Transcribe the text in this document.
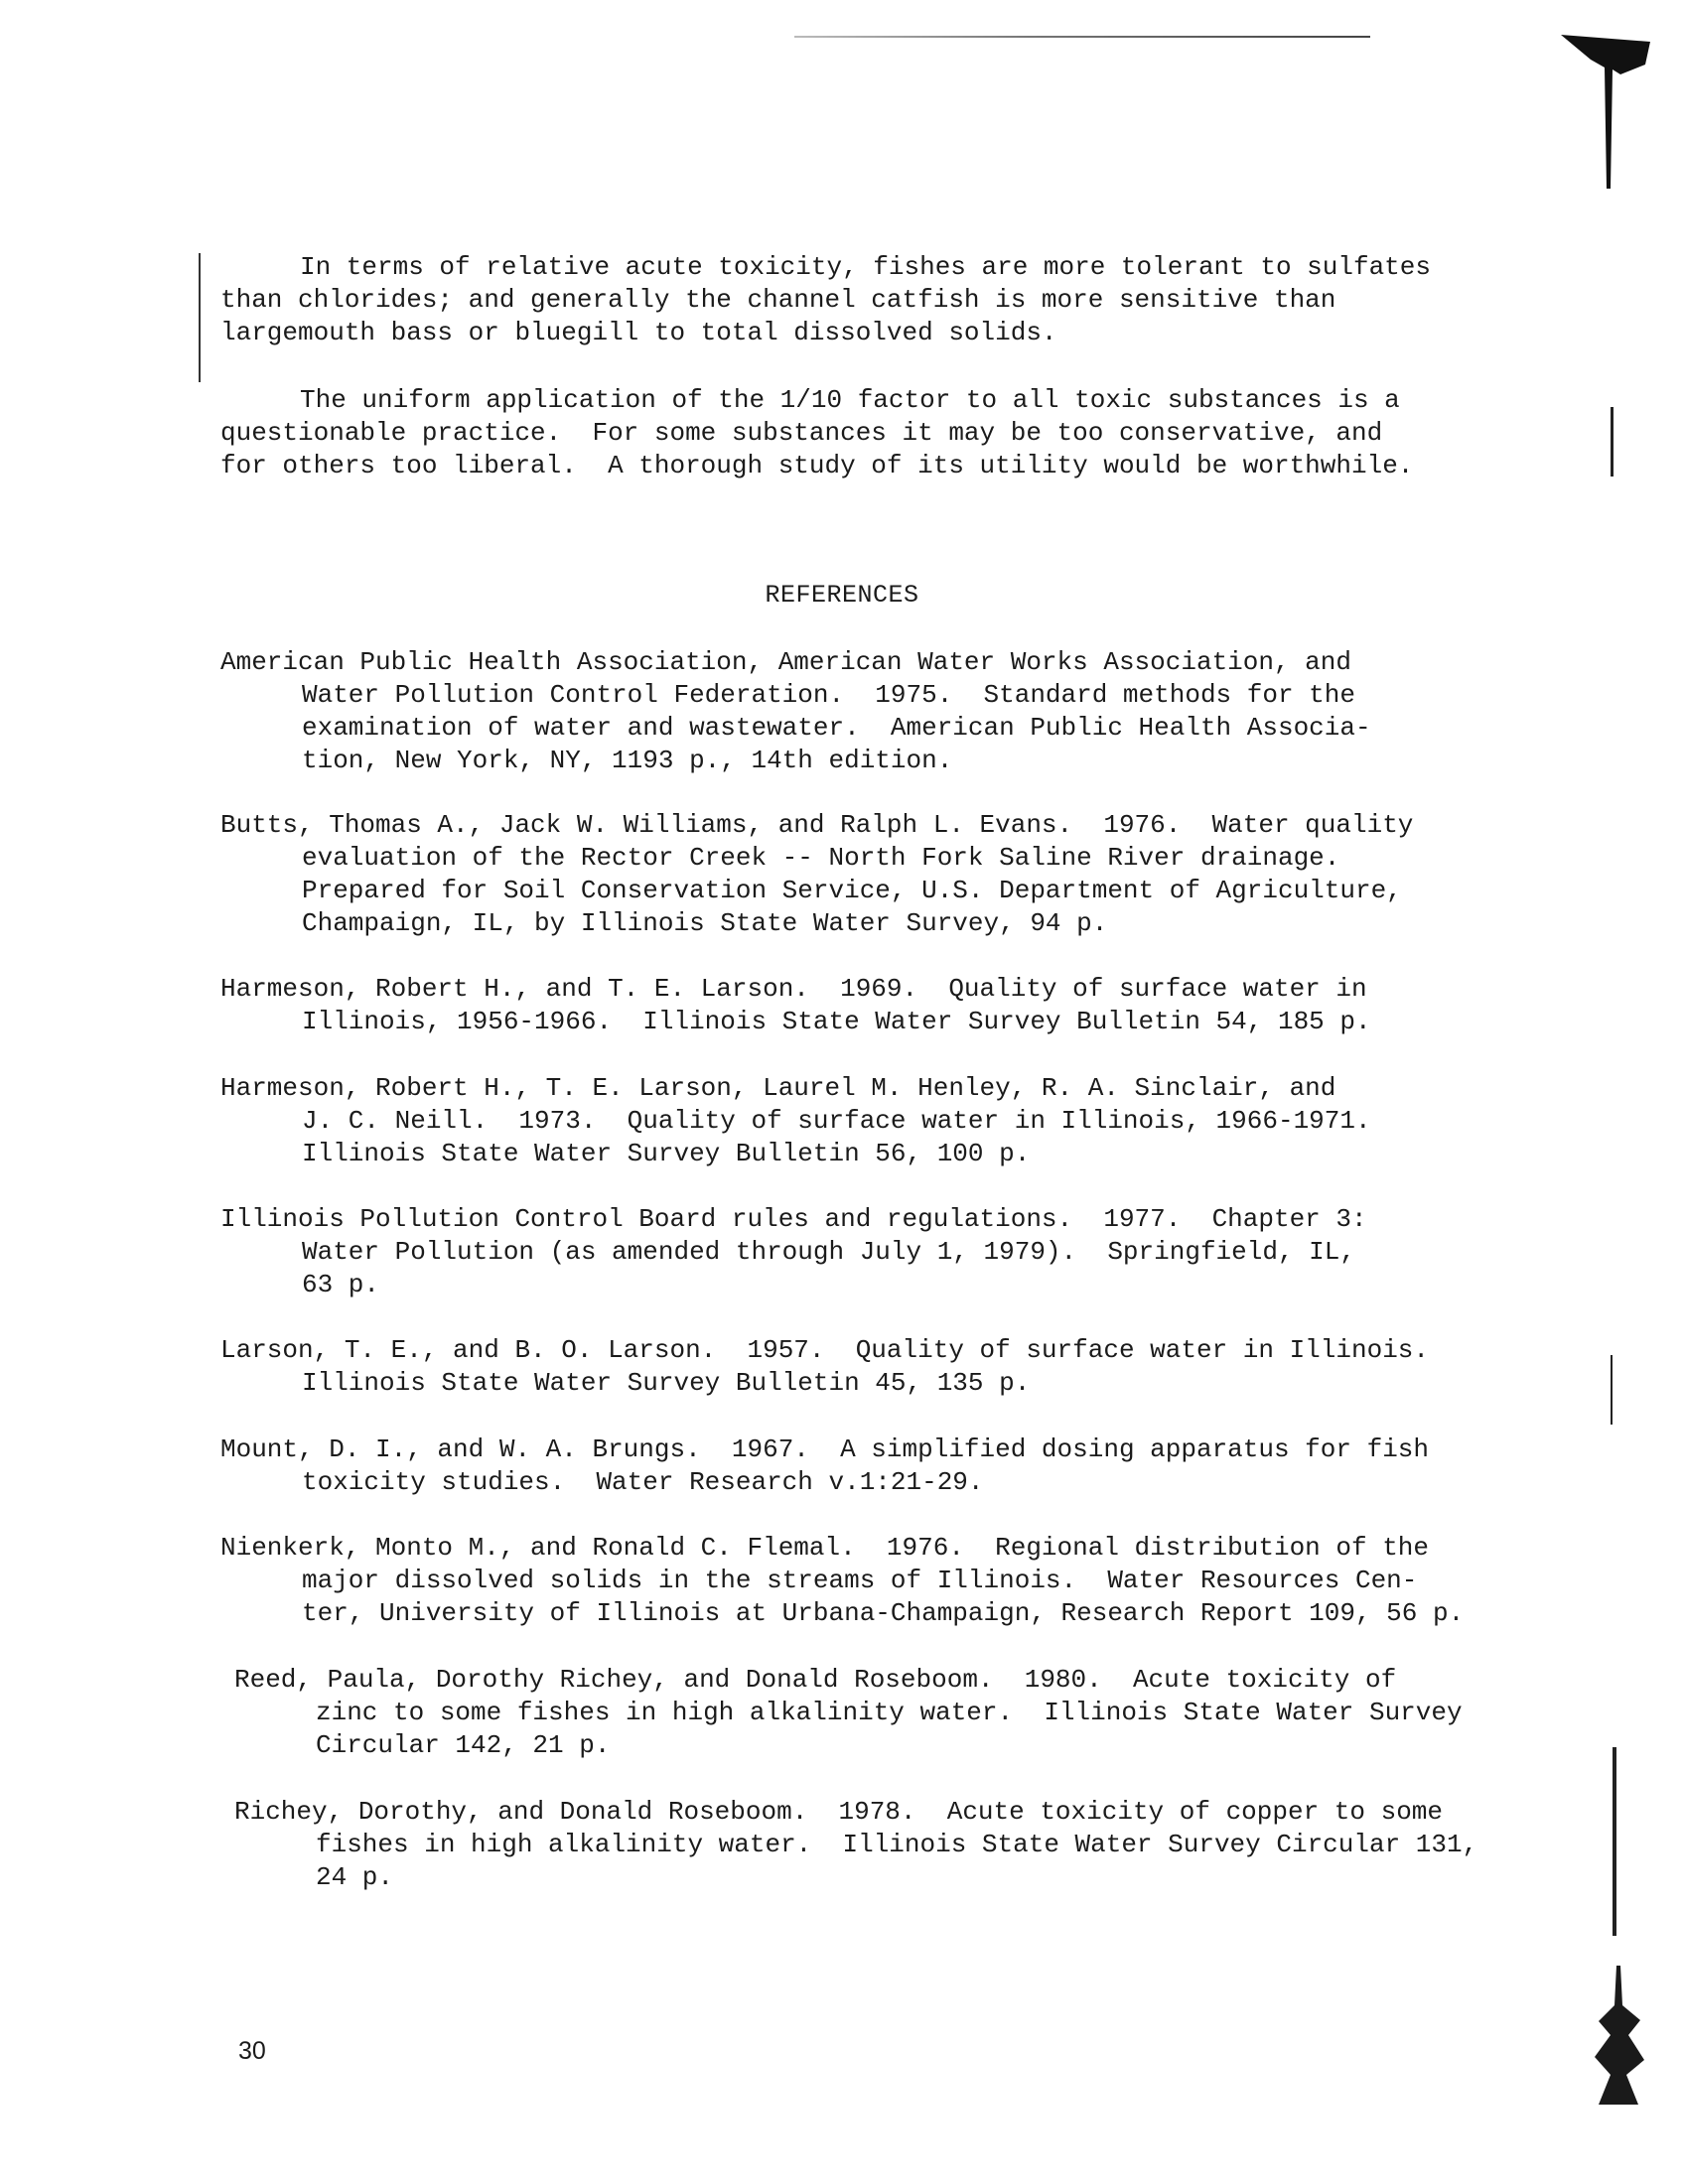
In terms of relative acute toxicity, fishes are more tolerant to sulfates
than chlorides; and generally the channel catfish is more sensitive than
largemouth bass or bluegill to total dissolved solids.

The uniform application of the 1/10 factor to all toxic substances is a
questionable practice.  For some substances it may be too conservative, and
for others too liberal.  A thorough study of its utility would be worthwhile.

REFERENCES
American Public Health Association, American Water Works Association, and
Water Pollution Control Federation.  1975.  Standard methods for the
examination of water and wastewater.  American Public Health Associa-
tion, New York, NY, 1193 p., 14th edition.
Butts, Thomas A., Jack W. Williams, and Ralph L. Evans.  1976.  Water quality
evaluation of the Rector Creek -- North Fork Saline River drainage.
Prepared for Soil Conservation Service, U.S. Department of Agriculture,
Champaign, IL, by Illinois State Water Survey, 94 p.
Harmeson, Robert H., and T. E. Larson.  1969.  Quality of surface water in
Illinois, 1956-1966.  Illinois State Water Survey Bulletin 54, 185 p.
Harmeson, Robert H., T. E. Larson, Laurel M. Henley, R. A. Sinclair, and
J. C. Neill.  1973.  Quality of surface water in Illinois, 1966-1971.
Illinois State Water Survey Bulletin 56, 100 p.
Illinois Pollution Control Board rules and regulations.  1977.  Chapter 3:
Water Pollution (as amended through July 1, 1979).  Springfield, IL,
63 p.
Larson, T. E., and B. O. Larson.  1957.  Quality of surface water in Illinois.
Illinois State Water Survey Bulletin 45, 135 p.
Mount, D. I., and W. A. Brungs.  1967.  A simplified dosing apparatus for fish
toxicity studies.  Water Research v.1:21-29.
Nienkerk, Monto M., and Ronald C. Flemal.  1976.  Regional distribution of the
major dissolved solids in the streams of Illinois.  Water Resources Cen-
ter, University of Illinois at Urbana-Champaign, Research Report 109, 56 p.
Reed, Paula, Dorothy Richey, and Donald Roseboom.  1980.  Acute toxicity of
zinc to some fishes in high alkalinity water.  Illinois State Water Survey
Circular 142, 21 p.
Richey, Dorothy, and Donald Roseboom.  1978.  Acute toxicity of copper to some
fishes in high alkalinity water.  Illinois State Water Survey Circular 131,
24 p.
30
